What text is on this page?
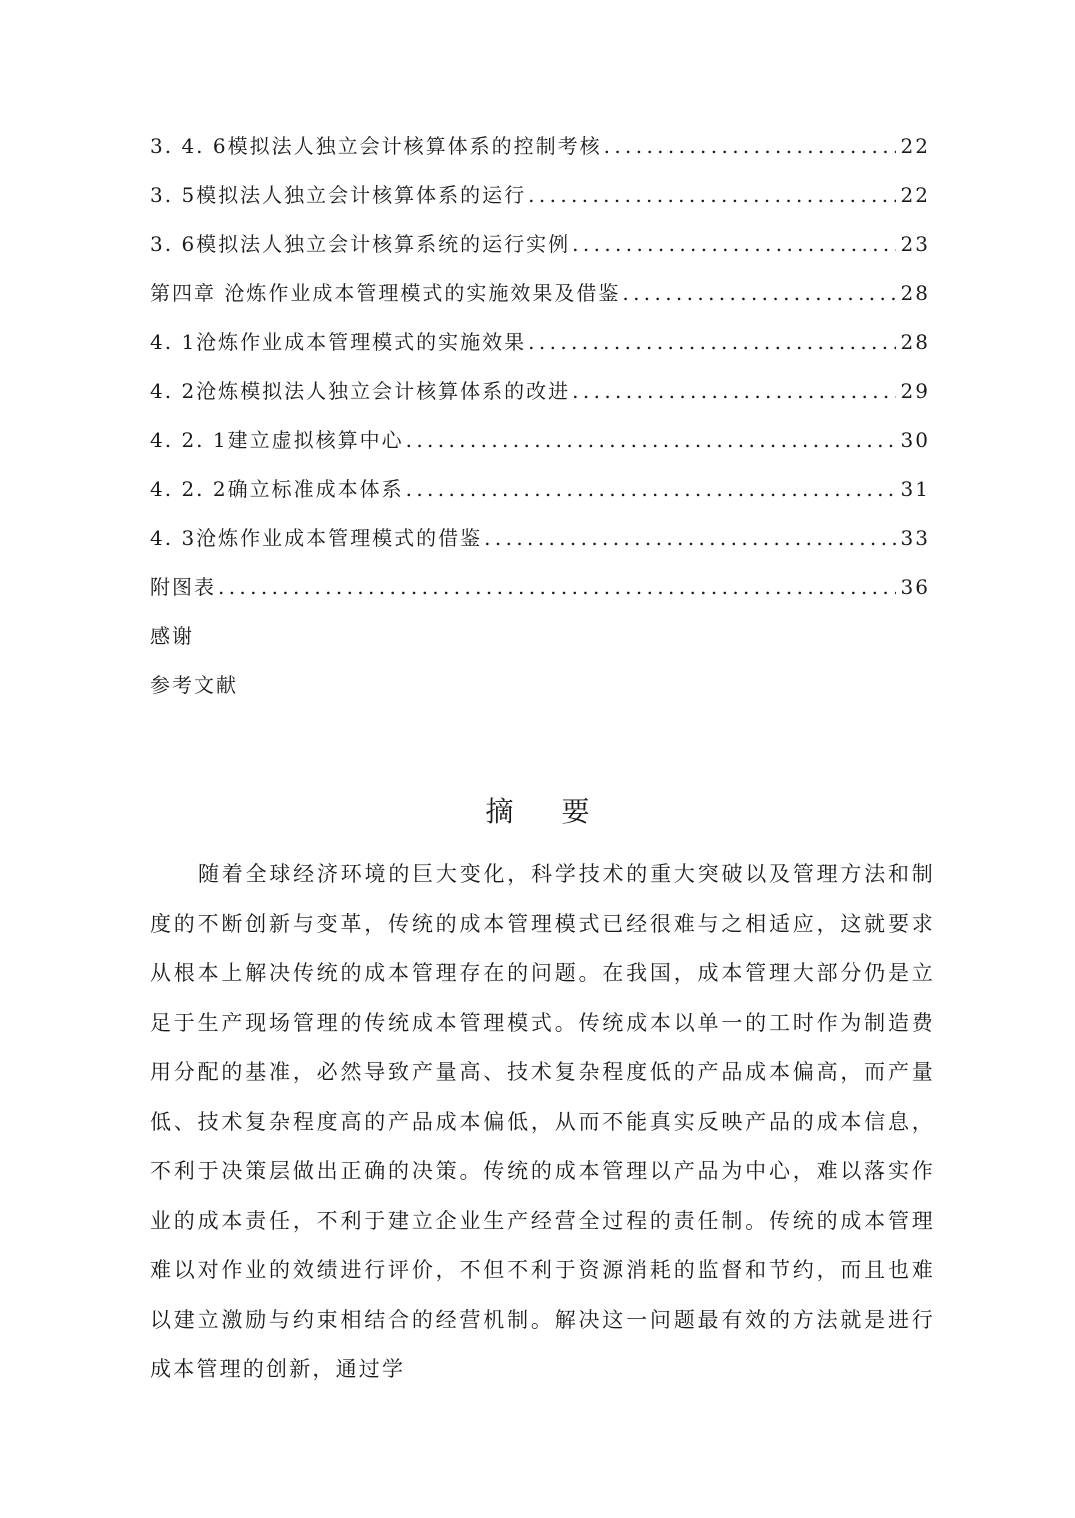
3. 4. 6模拟法人独立会计核算体系的控制考核 . . .	22
3. 5模拟法人独立会计核算体系的运行 . . .	22
3. 6模拟法人独立会计核算系统的运行实例 . . .	23
第四章 沧炼作业成本管理模式的实施效果及借鉴 . . .	28
4. 1沧炼作业成本管理模式的实施效果 . . .	28
4. 2沧炼模拟法人独立会计核算体系的改进 . . .	29
4. 2. 1建立虚拟核算中心 . . .	30
4. 2. 2确立标准成本体系 . . .	31
4. 3沧炼作业成本管理模式的借鉴 . . .	33
附图表 . . .	36
感谢
参考文献
摘要
随着全球经济环境的巨大变化，科学技术的重大突破以及管理方法和制度的不断创新与变革，传统的成本管理模式已经很难与之相适应，这就要求从根本上解决传统的成本管理存在的问题。在我国，成本管理大部分仍是立足于生产现场管理的传统成本管理模式。传统成本以单一的工时作为制造费用分配的基准，必然导致产量高、技术复杂程度低的产品成本偏高，而产量低、技术复杂程度高的产品成本偏低，从而不能真实反映产品的成本信息，不利于决策层做出正确的决策。传统的成本管理以产品为中心，难以落实作业的成本责任，不利于建立企业生产经营全过程的责任制。传统的成本管理难以对作业的效绩进行评价，不但不利于资源消耗的监督和节约，而且也难以建立激励与约束相结合的经营机制。解决这一问题最有效的方法就是进行成本管理的创新，通过学
